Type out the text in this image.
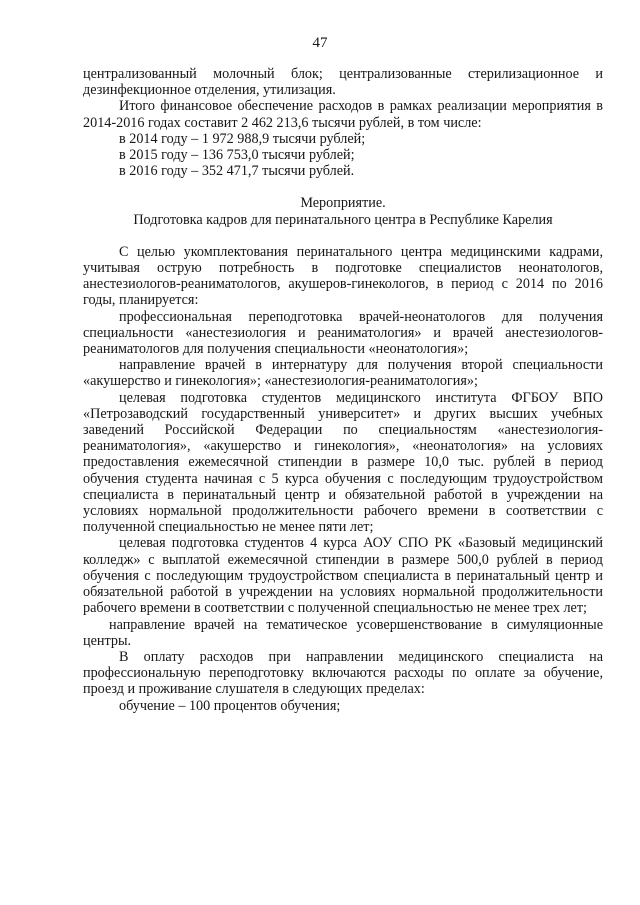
47

централизованный молочный блок; централизованные стерилизационное и дезинфекционное отделения, утилизация.

Итого финансовое обеспечение расходов в рамках реализации мероприятия в 2014-2016 годах составит 2 462 213,6 тысячи рублей, в том числе:

в 2014 году – 1 972 988,9 тысячи рублей;

в 2015 году – 136 753,0 тысячи рублей;

в 2016 году – 352 471,7 тысячи рублей.

Мероприятие.

Подготовка кадров для перинатального центра в Республике Карелия

С целью укомплектования перинатального центра медицинскими кадрами, учитывая острую потребность в подготовке специалистов неонатологов, анестезиологов-реаниматологов, акушеров-гинекологов, в период с 2014 по 2016 годы, планируется:

профессиональная переподготовка врачей-неонатологов для получения специальности «анестезиология и реаниматология» и врачей анестезиологов-реаниматологов для получения специальности «неонатология»;

направление врачей в интернатуру для получения второй специальности «акушерство и гинекология»; «анестезиология-реаниматология»;

целевая подготовка студентов медицинского института ФГБОУ ВПО «Петрозаводский государственный университет» и других высших учебных заведений Российской Федерации по специальностям «анестезиология-реаниматология», «акушерство и гинекология», «неонатология» на условиях предоставления ежемесячной стипендии в размере 10,0 тыс. рублей в период обучения студента начиная с 5 курса обучения с последующим трудоустройством специалиста в перинатальный центр и обязательной работой в учреждении на условиях нормальной продолжительности рабочего времени в соответствии с полученной специальностью не менее пяти лет;

целевая подготовка студентов 4 курса АОУ СПО РК «Базовый медицинский колледж» с выплатой ежемесячной стипендии в размере 500,0 рублей в период обучения с последующим трудоустройством специалиста в перинатальный центр и обязательной работой в учреждении на условиях нормальной продолжительности рабочего времени в соответствии с полученной специальностью не менее трех лет;

направление врачей на тематическое усовершенствование в симуляционные центры.

В оплату расходов при направлении медицинского специалиста на профессиональную переподготовку включаются расходы по оплате за обучение, проезд и проживание слушателя в следующих пределах:

обучение – 100 процентов обучения;
